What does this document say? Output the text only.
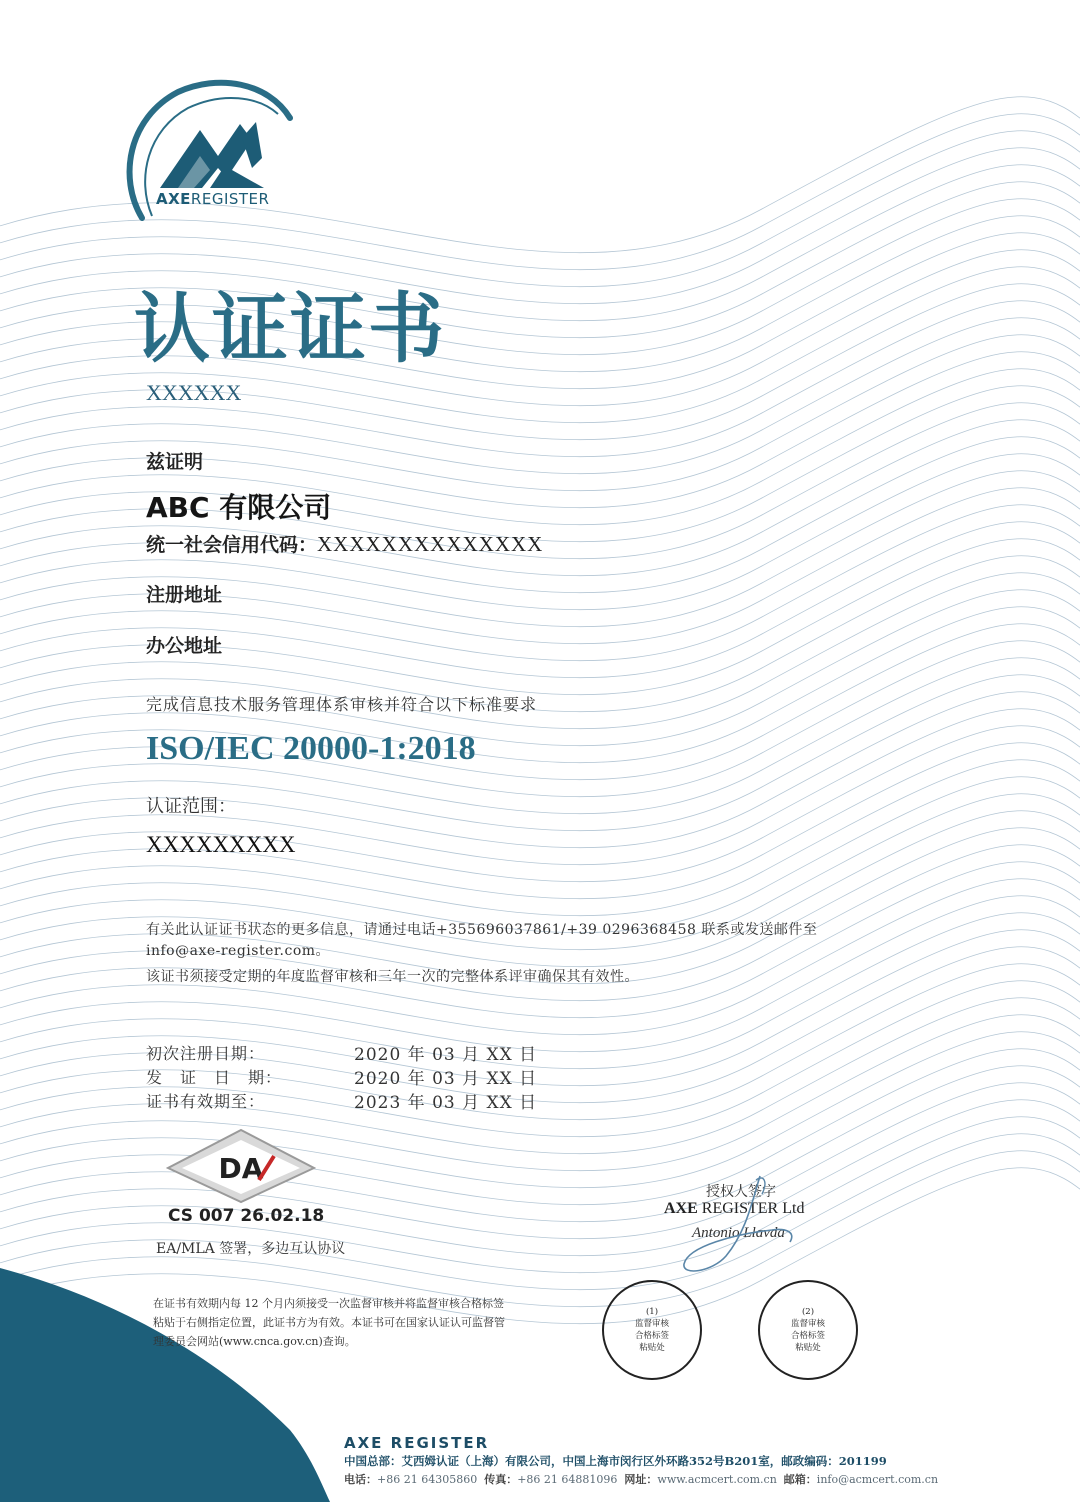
AXEREGISTER
认证证书
XXXXXX
兹证明
ABC 有限公司
统一社会信用代码：XXXXXXXXXXXXXX
注册地址
办公地址
完成信息技术服务管理体系审核并符合以下标准要求
ISO/IEC 20000-1:2018
认证范围：
XXXXXXXXX
有关此认证证书状态的更多信息，请通过电话+355696037861/+39 0296368458 联系或发送邮件至
info@axe-register.com。
该证书须接受定期的年度监督审核和三年一次的完整体系评审确保其有效性。
初次注册日期：	2020 年 03 月 XX 日
发　证　日　期：	2020 年 03 月 XX 日
证书有效期至：	2023 年 03 月 XX 日
DA
CS 007 26.02.18
EA/MLA 签署，多边互认协议
授权人签字
AXE REGISTER Ltd
Antonio Llavda
在证书有效期内每 12 个月内须接受一次监督审核并将监督审核合格标签粘贴于右侧指定位置，此证书方为有效。本证书可在国家认证认可监督管理委员会网站(www.cnca.gov.cn)查询。
(1)
监督审核
合格标签
粘贴处
(2)
监督审核
合格标签
粘贴处
AXE REGISTER
中国总部：艾西姆认证（上海）有限公司，中国上海市闵行区外环路352号B201室，邮政编码：201199
电话：+86 21 64305860 传真：+86 21 64881096 网址：www.acmcert.com.cn 邮箱：info@acmcert.com.cn
